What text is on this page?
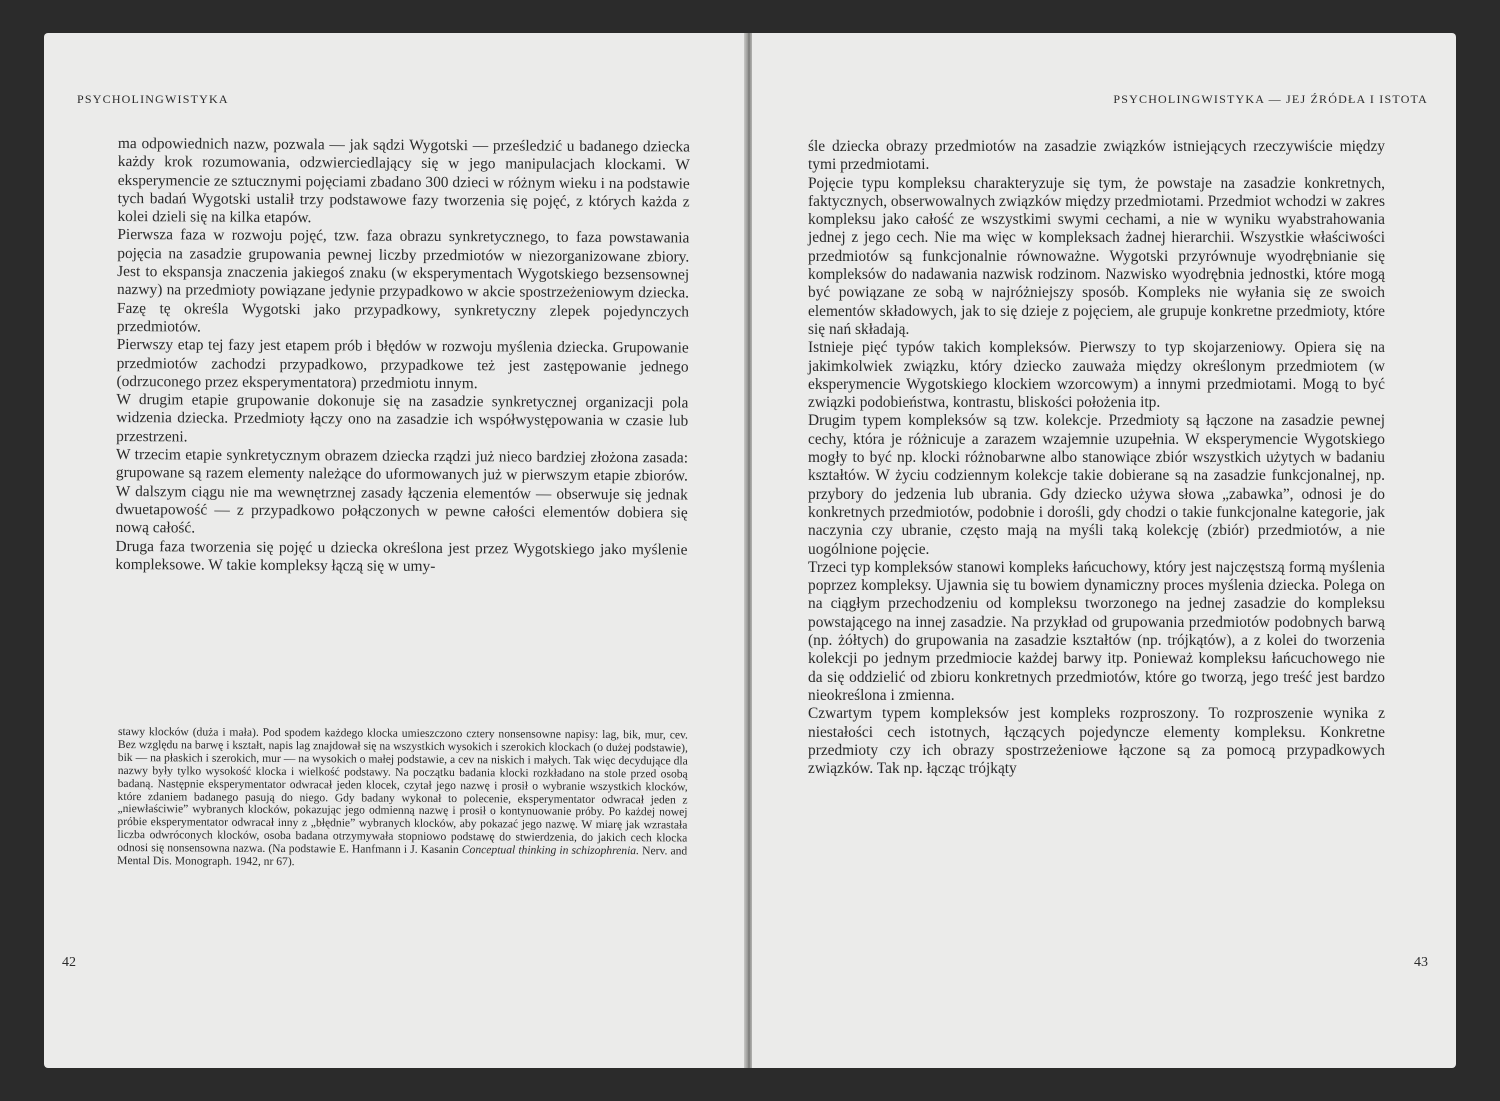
PSYCHOLINGWISTYKA

ma odpowiednich nazw, pozwala — jak sądzi Wygotski — prześledzić u badanego dziecka każdy krok rozumowania, odzwierciedlający się w jego manipulacjach klockami. W eksperymencie ze sztucznymi pojęciami zbadano 300 dzieci w różnym wieku i na podstawie tych badań Wygotski ustalił trzy podstawowe fazy tworzenia się pojęć, z których każda z kolei dzieli się na kilka etapów.

Pierwsza faza w rozwoju pojęć, tzw. faza obrazu synkretycznego, to faza powstawania pojęcia na zasadzie grupowania pewnej liczby przedmiotów w niezorganizowane zbiory. Jest to ekspansja znaczenia jakiegoś znaku (w eksperymentach Wygotskiego bezsensownej nazwy) na przedmioty powiązane jedynie przypadkowo w akcie spostrzeżeniowym dziecka. Fazę tę określa Wygotski jako przypadkowy, synkretyczny zlepek pojedynczych przedmiotów.

Pierwszy etap tej fazy jest etapem prób i błędów w rozwoju myślenia dziecka. Grupowanie przedmiotów zachodzi przypadkowo, przypadkowe też jest zastępowanie jednego (odrzuconego przez eksperymentatora) przedmiotu innym.

W drugim etapie grupowanie dokonuje się na zasadzie synkretycznej organizacji pola widzenia dziecka. Przedmioty łączy ono na zasadzie ich współwystępowania w czasie lub przestrzeni.

W trzecim etapie synkretycznym obrazem dziecka rządzi już nieco bardziej złożona zasada: grupowane są razem elementy należące do uformowanych już w pierwszym etapie zbiorów. W dalszym ciągu nie ma wewnętrznej zasady łączenia elementów — obserwuje się jednak dwuetapowość — z przypadkowo połączonych w pewne całości elementów dobiera się nową całość.

Druga faza tworzenia się pojęć u dziecka określona jest przez Wygotskiego jako myślenie kompleksowe. W takie kompleksy łączą się w umy-

stawy klocków (duża i mała). Pod spodem każdego klocka umieszczono cztery nonsensowne napisy: lag, bik, mur, cev. Bez względu na barwę i kształt, napis lag znajdował się na wszystkich wysokich i szerokich klockach (o dużej podstawie), bik — na płaskich i szerokich, mur — na wysokich o małej podstawie, a cev na niskich i małych. Tak więc decydujące dla nazwy były tylko wysokość klocka i wielkość podstawy. Na początku badania klocki rozkładano na stole przed osobą badaną. Następnie eksperymentator odwracał jeden klocek, czytał jego nazwę i prosił o wybranie wszystkich klocków, które zdaniem badanego pasują do niego. Gdy badany wykonał to polecenie, eksperymentator odwracał jeden z „niewłaściwie” wybranych klocków, pokazując jego odmienną nazwę i prosił o kontynuowanie próby. Po każdej nowej próbie eksperymentator odwracał inny z „błędnie” wybranych klocków, aby pokazać jego nazwę. W miarę jak wzrastała liczba odwróconych klocków, osoba badana otrzymywała stopniowo podstawę do stwierdzenia, do jakich cech klocka odnosi się nonsensowna nazwa. (Na podstawie E. Hanfmann i J. Kasanin Conceptual thinking in schizophrenia. Nerv. and Mental Dis. Monograph. 1942, nr 67).
42
PSYCHOLINGWISTYKA — JEJ ŹRÓDŁA I ISTOTA

śle dziecka obrazy przedmiotów na zasadzie związków istniejących rzeczywiście między tymi przedmiotami.

Pojęcie typu kompleksu charakteryzuje się tym, że powstaje na zasadzie konkretnych, faktycznych, obserwowalnych związków między przedmiotami. Przedmiot wchodzi w zakres kompleksu jako całość ze wszystkimi swymi cechami, a nie w wyniku wyabstrahowania jednej z jego cech. Nie ma więc w kompleksach żadnej hierarchii. Wszystkie właściwości przedmiotów są funkcjonalnie równoważne. Wygotski przyrównuje wyodrębnianie się kompleksów do nadawania nazwisk rodzinom. Nazwisko wyodrębnia jednostki, które mogą być powiązane ze sobą w najróżniejszy sposób. Kompleks nie wyłania się ze swoich elementów składowych, jak to się dzieje z pojęciem, ale grupuje konkretne przedmioty, które się nań składają.

Istnieje pięć typów takich kompleksów. Pierwszy to typ skojarzeniowy. Opiera się na jakimkolwiek związku, który dziecko zauważa między określonym przedmiotem (w eksperymencie Wygotskiego klockiem wzorcowym) a innymi przedmiotami. Mogą to być związki podobieństwa, kontrastu, bliskości położenia itp.

Drugim typem kompleksów są tzw. kolekcje. Przedmioty są łączone na zasadzie pewnej cechy, która je różnicuje a zarazem wzajemnie uzupełnia. W eksperymencie Wygotskiego mogły to być np. klocki różnobarwne albo stanowiące zbiór wszystkich użytych w badaniu kształtów. W życiu codziennym kolekcje takie dobierane są na zasadzie funkcjonalnej, np. przybory do jedzenia lub ubrania. Gdy dziecko używa słowa „zabawka”, odnosi je do konkretnych przedmiotów, podobnie i dorośli, gdy chodzi o takie funkcjonalne kategorie, jak naczynia czy ubranie, często mają na myśli taką kolekcję (zbiór) przedmiotów, a nie uogólnione pojęcie.

Trzeci typ kompleksów stanowi kompleks łańcuchowy, który jest najczęstszą formą myślenia poprzez kompleksy. Ujawnia się tu bowiem dynamiczny proces myślenia dziecka. Polega on na ciągłym przechodzeniu od kompleksu tworzonego na jednej zasadzie do kompleksu powstającego na innej zasadzie. Na przykład od grupowania przedmiotów podobnych barwą (np. żółtych) do grupowania na zasadzie kształtów (np. trójkątów), a z kolei do tworzenia kolekcji po jednym przedmiocie każdej barwy itp. Ponieważ kompleksu łańcuchowego nie da się oddzielić od zbioru konkretnych przedmiotów, które go tworzą, jego treść jest bardzo nieokreślona i zmienna.

Czwartym typem kompleksów jest kompleks rozproszony. To rozproszenie wynika z niestałości cech istotnych, łączących pojedyncze elementy kompleksu. Konkretne przedmioty czy ich obrazy spostrzeżeniowe łączone są za pomocą przypadkowych związków. Tak np. łącząc trójkąty

43
